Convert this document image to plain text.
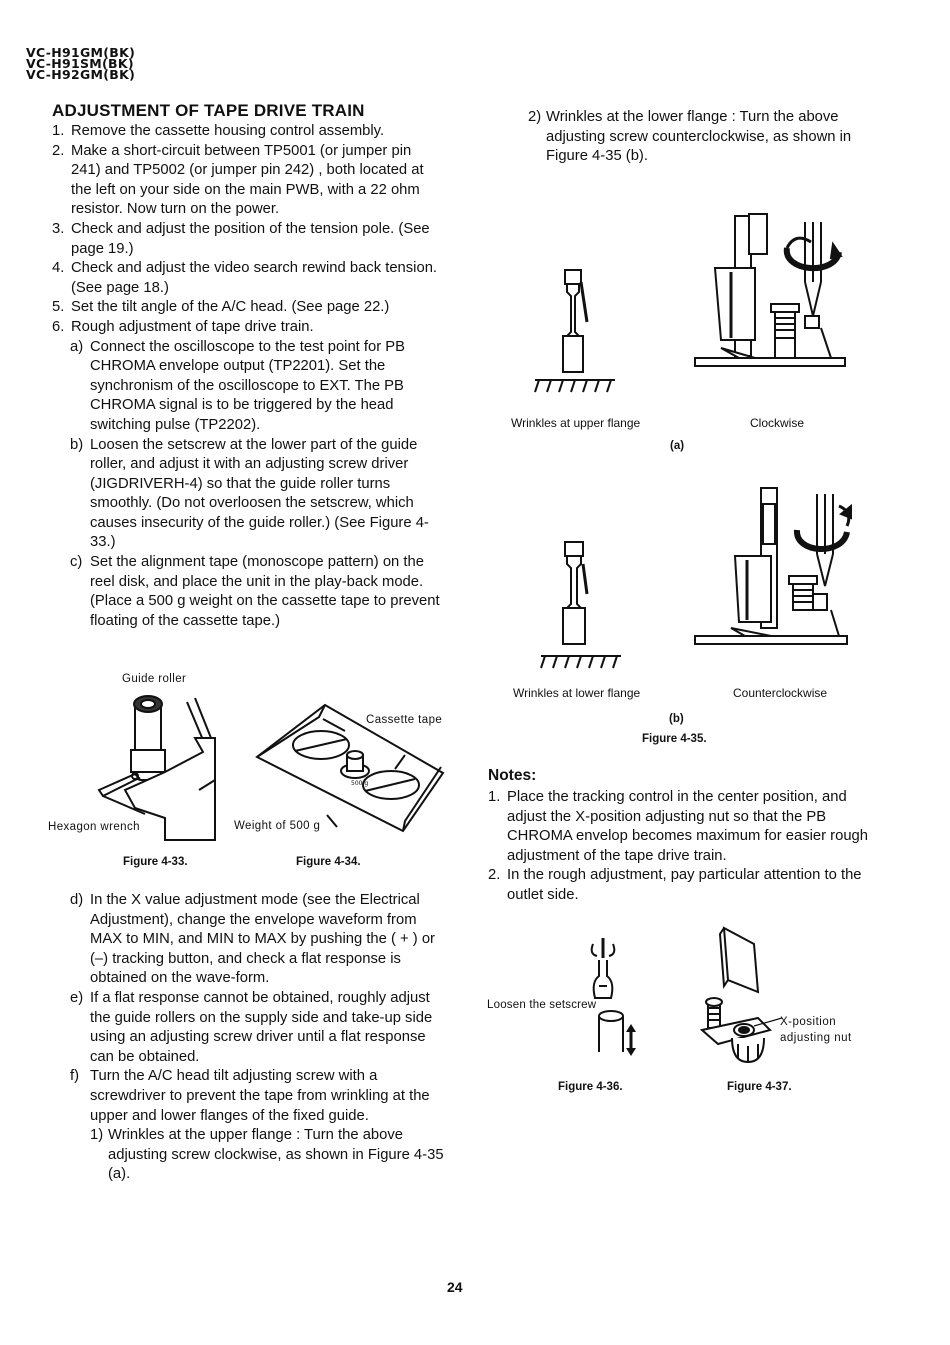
VC-H91GM(BK)
VC-H91SM(BK)
VC-H92GM(BK)
ADJUSTMENT OF TAPE DRIVE TRAIN
1. Remove the cassette housing control assembly.
2. Make a short-circuit between TP5001 (or jumper pin 241) and TP5002 (or jumper pin 242) , both located at the left on your side on the main PWB, with a 22 ohm resistor. Now turn on the power.
3. Check and adjust the position of the tension pole. (See page 19.)
4. Check and adjust the video search rewind back tension. (See page 18.)
5. Set the tilt angle of the A/C head. (See page 22.)
6. Rough adjustment of tape drive train.
a) Connect the oscilloscope to the test point for PB CHROMA envelope output (TP2201). Set the synchronism of the oscilloscope to EXT. The PB CHROMA signal is to be triggered by the head switching pulse (TP2202).
b) Loosen the setscrew at the lower part of the guide roller, and adjust it with an adjusting screw driver (JIGDRIVERH-4) so that the guide roller turns smoothly. (Do not overloosen the setscrew, which causes insecurity of the guide roller.) (See Figure 4-33.)
c) Set the alignment tape (monoscope pattern) on the reel disk, and place the unit in the play-back mode.
(Place a 500 g weight on the cassette tape to prevent floating of the cassette tape.)
Guide roller
Hexagon wrench
Cassette tape
Weight of 500 g
500 g
Figure 4-33.	Figure 4-34.
d) In the X value adjustment mode (see the Electrical Adjustment), change the envelope waveform from MAX to MIN, and MIN to MAX by pushing the ( + ) or (–) tracking button, and check a flat response is obtained on the wave-form.
e) If a flat response cannot be obtained, roughly adjust the guide rollers on the supply side and take-up side using an adjusting screw driver until a flat response can be obtained.
f) Turn the A/C head tilt adjusting screw with a screwdriver to prevent the tape from wrinkling at the upper and lower flanges of the fixed guide.
1) Wrinkles at the upper flange : Turn the above adjusting screw clockwise, as shown in Figure 4-35 (a).
2) Wrinkles at the lower flange : Turn the above adjusting screw counterclockwise, as shown in Figure 4-35 (b).
Wrinkles at upper flange	Clockwise
(a)
Wrinkles at lower flange	Counterclockwise
(b)
Figure 4-35.
Notes:
1. Place the tracking control in the center position, and adjust the X-position adjusting nut so that the PB CHROMA envelop becomes maximum for easier rough adjustment of the tape drive train.
2. In the rough adjustment, pay particular attention to the outlet side.
Loosen the setscrew
Figure 4-36.
X-position
adjusting nut
Figure 4-37.
24
